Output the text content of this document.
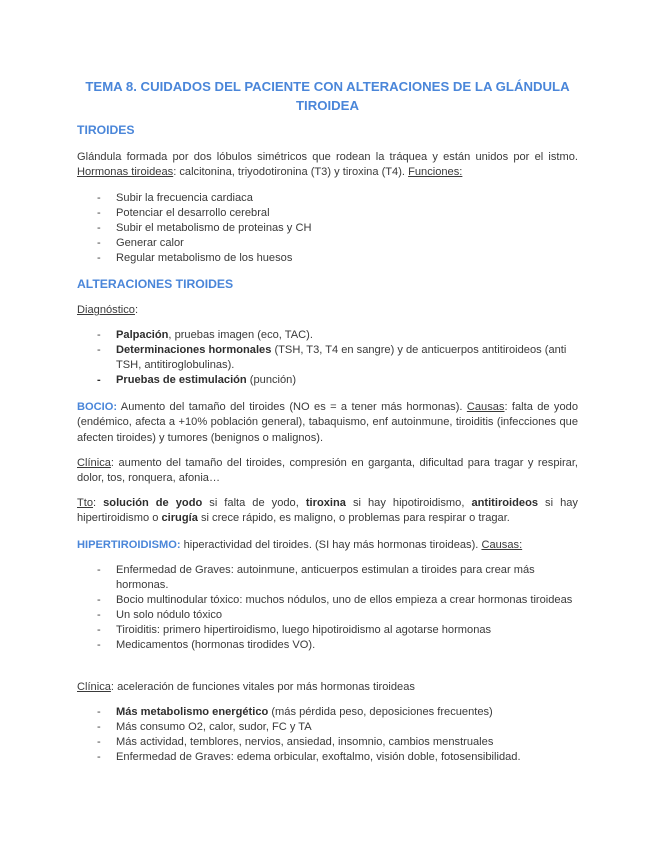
TEMA 8. CUIDADOS DEL PACIENTE CON ALTERACIONES DE LA GLÁNDULA
TIROIDEA
TIROIDES
Glándula formada por dos lóbulos simétricos que rodean la tráquea y están unidos por el istmo. Hormonas tiroideas: calcitonina, triyodotironina (T3) y tiroxina (T4). Funciones:
- Subir la frecuencia cardiaca
- Potenciar el desarrollo cerebral
- Subir el metabolismo de proteinas y CH
- Generar calor
- Regular metabolismo de los huesos
ALTERACIONES TIROIDES
Diagnóstico:
- Palpación, pruebas imagen (eco, TAC).
- Determinaciones hormonales (TSH, T3, T4 en sangre) y de anticuerpos antitiroideos (anti TSH, antitiroglobulinas).
- Pruebas de estimulación (punción)
BOCIO: Aumento del tamaño del tiroides (NO es = a tener más hormonas). Causas: falta de yodo (endémico, afecta a +10% población general), tabaquismo, enf autoinmune, tiroiditis (infecciones que afecten tiroides) y tumores (benignos o malignos).
Clínica: aumento del tamaño del tiroides, compresión en garganta, dificultad para tragar y respirar, dolor, tos, ronquera, afonia…
Tto: solución de yodo si falta de yodo, tiroxina si hay hipotiroidismo, antitiroideos si hay hipertiroidismo o cirugía si crece rápido, es maligno, o problemas para respirar o tragar.
HIPERTIROIDISMO: hiperactividad del tiroides. (SI hay más hormonas tiroideas). Causas:
- Enfermedad de Graves: autoinmune, anticuerpos estimulan a tiroides para crear más hormonas.
- Bocio multinodular tóxico: muchos nódulos, uno de ellos empieza a crear hormonas tiroideas
- Un solo nódulo tóxico
- Tiroiditis: primero hipertiroidismo, luego hipotiroidismo al agotarse hormonas
- Medicamentos (hormonas tirodides VO).
Clínica: aceleración de funciones vitales por más hormonas tiroideas
- Más metabolismo energético (más pérdida peso, deposiciones frecuentes)
- Más consumo O2, calor, sudor, FC y TA
- Más actividad, temblores, nervios, ansiedad, insomnio, cambios menstruales
- Enfermedad de Graves: edema orbicular, exoftalmo, visión doble, fotosensibilidad.
